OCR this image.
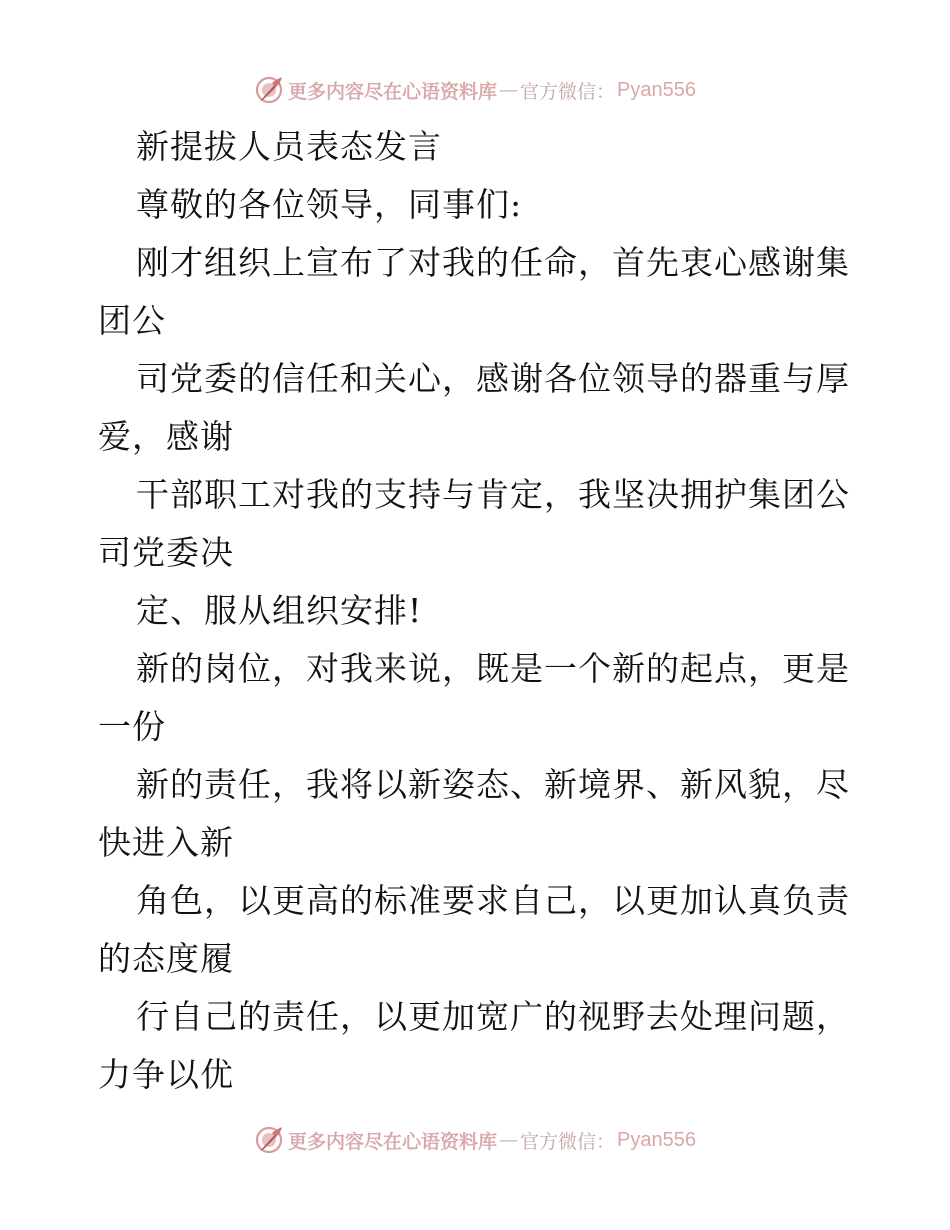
更多内容尽在心语资料库 — 官方微信： Pyan556
新提拔人员表态发言
尊敬的各位领导，同事们:
刚才组织上宣布了对我的任命，首先衷心感谢集
团公
司党委的信任和关心，感谢各位领导的器重与厚
爱，感谢
干部职工对我的支持与肯定，我坚决拥护集团公
司党委决
定、服从组织安排!
新的岗位，对我来说，既是一个新的起点，更是
一份
新的责任，我将以新姿态、新境界、新风貌，尽
快进入新
角色，以更高的标准要求自己，以更加认真负责
的态度履
行自己的责任，以更加宽广的视野去处理问题，
力争以优
更多内容尽在心语资料库 — 官方微信： Pyan556
